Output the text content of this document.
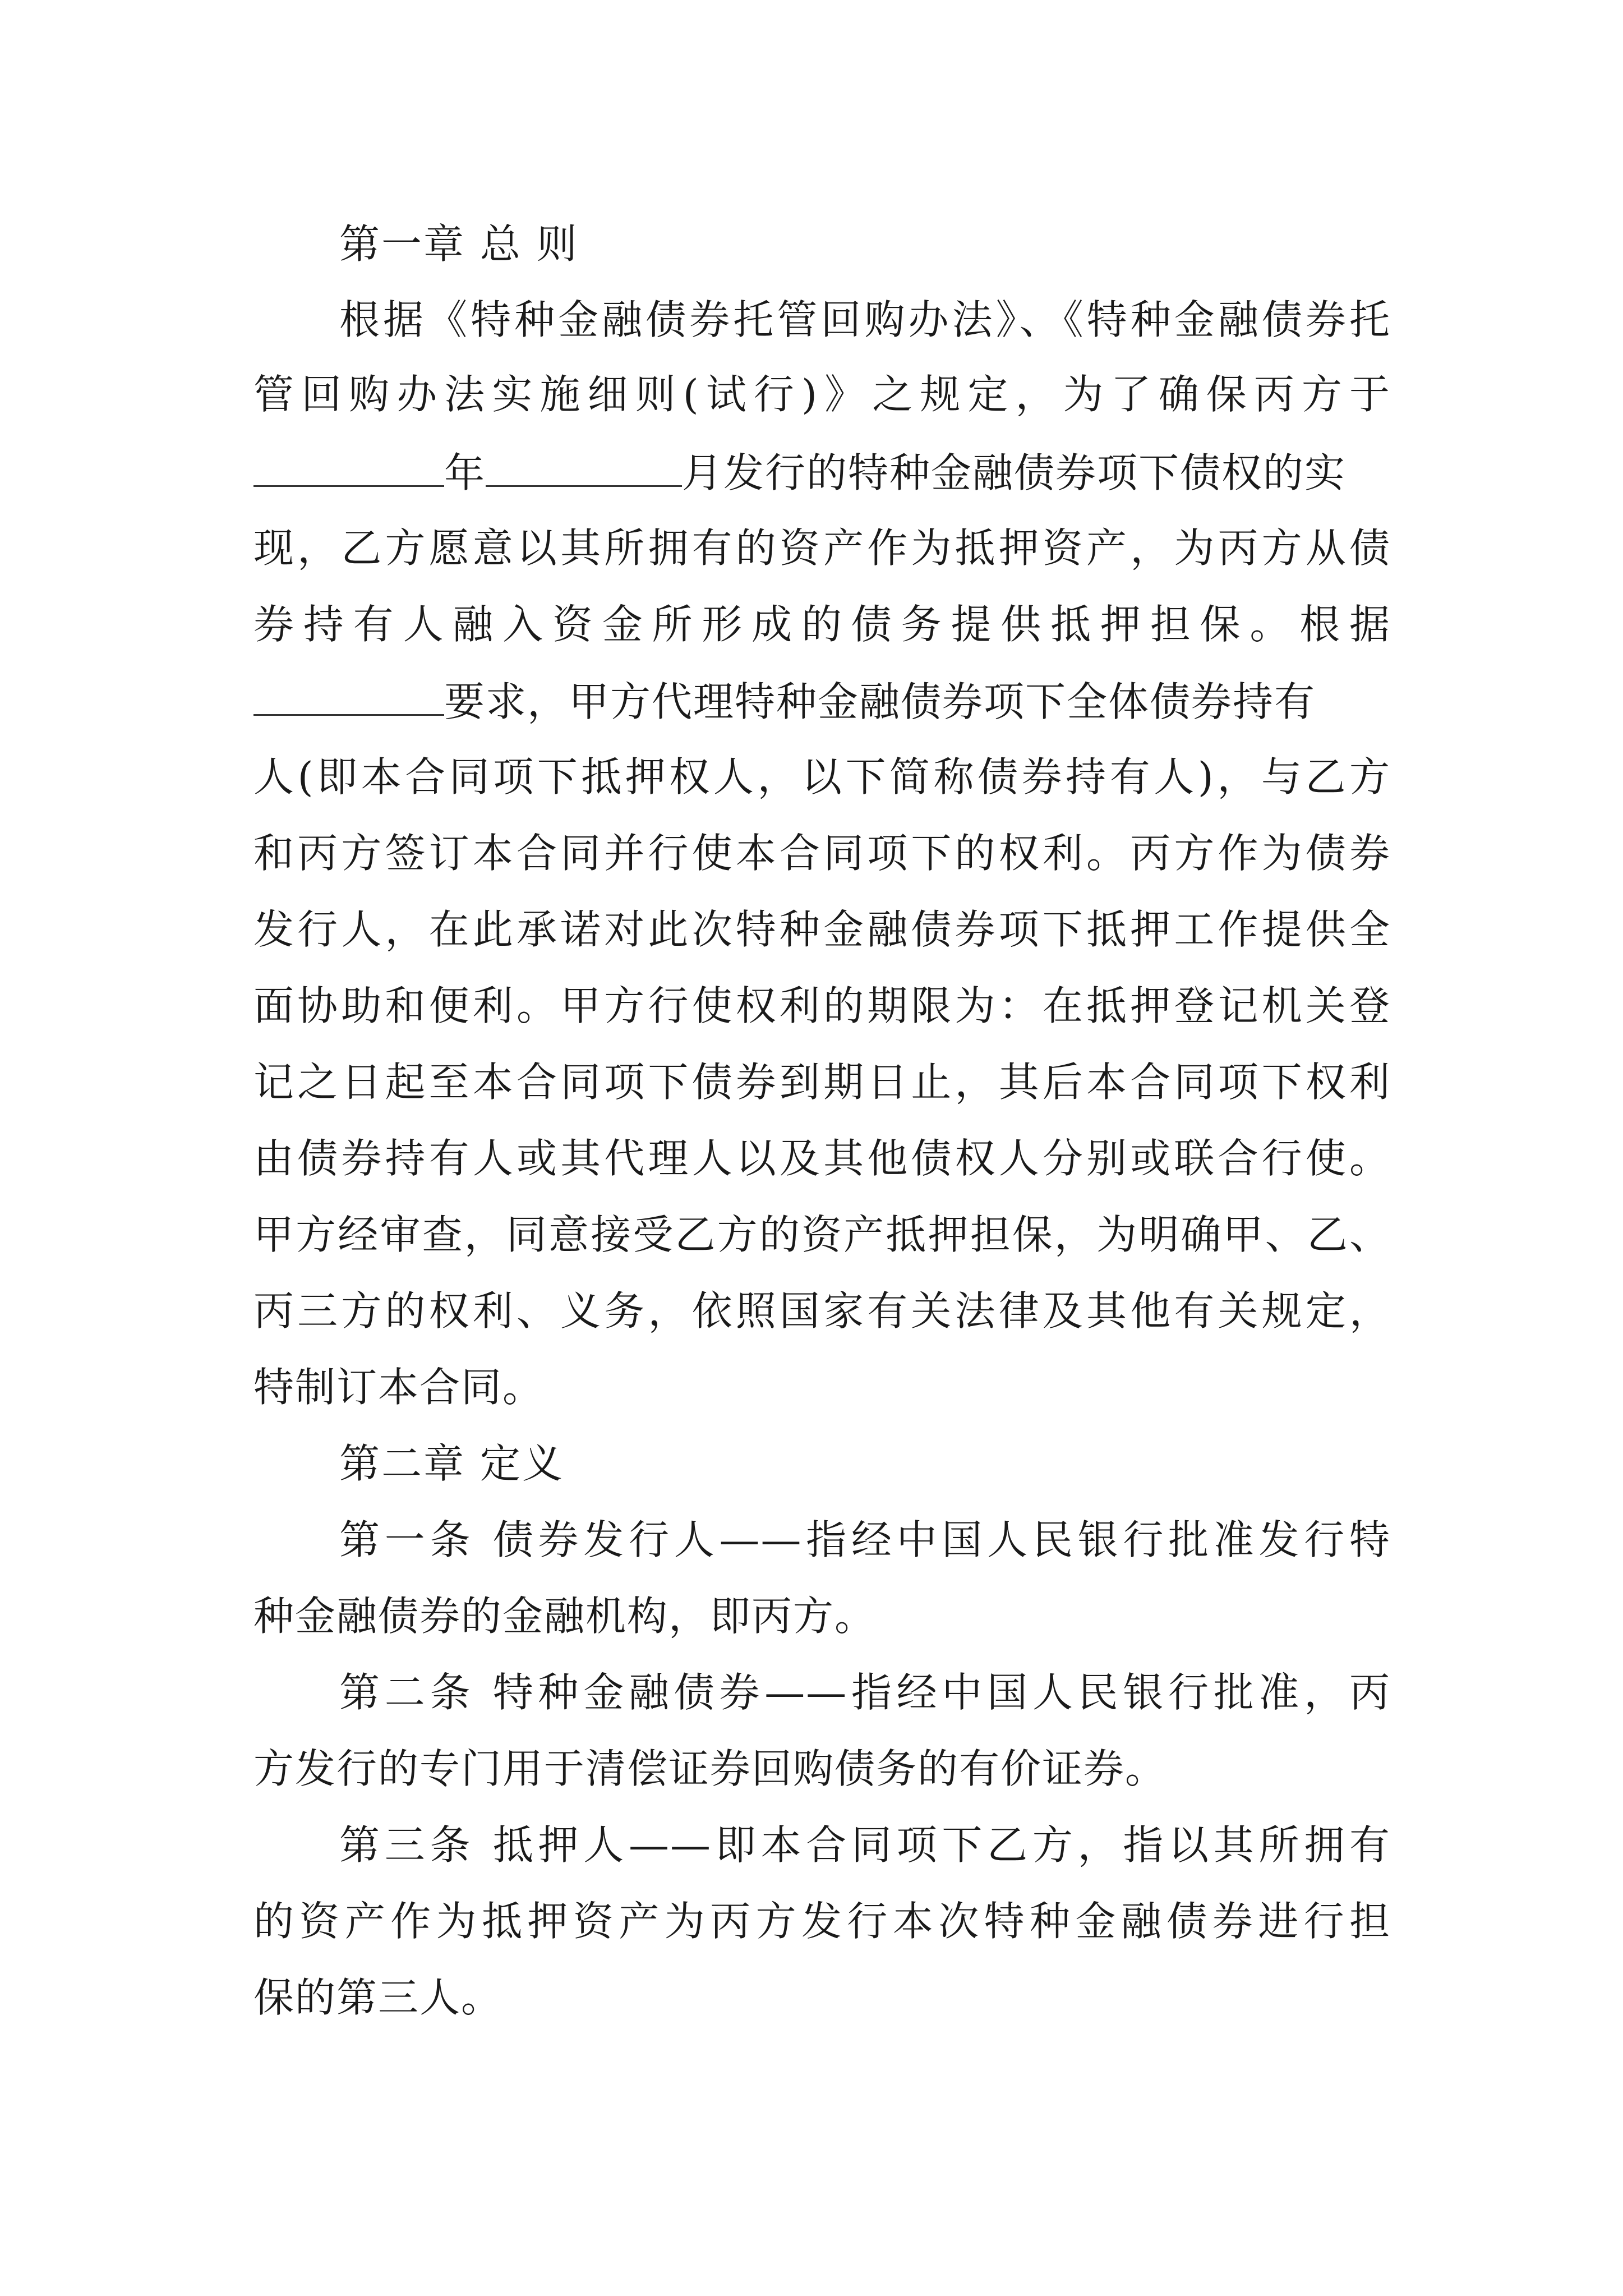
第一章 总 则
根据《特种金融债券托管回购办法》、《特种金融债券托
管回购办法实施细则(试行)》之规定，为了确保丙方于
年	月发行的特种金融债券项下债权的实
现，乙方愿意以其所拥有的资产作为抵押资产，为丙方从债
券持有人融入资金所形成的债务提供抵押担保。根据
要求，甲方代理特种金融债券项下全体债券持有
人(即本合同项下抵押权人，以下简称债券持有人)，与乙方
和丙方签订本合同并行使本合同项下的权利。丙方作为债券
发行人，在此承诺对此次特种金融债券项下抵押工作提供全
面协助和便利。甲方行使权利的期限为：在抵押登记机关登
记之日起至本合同项下债券到期日止，其后本合同项下权利
由债券持有人或其代理人以及其他债权人分别或联合行使。
甲方经审查，同意接受乙方的资产抵押担保，为明确甲、乙、
丙三方的权利、义务，依照国家有关法律及其他有关规定，
特制订本合同。
第二章 定义
第一条 债券发行人——指经中国人民银行批准发行特
种金融债券的金融机构，即丙方。
第二条 特种金融债券——指经中国人民银行批准，丙
方发行的专门用于清偿证券回购债务的有价证券。
第三条 抵押人——即本合同项下乙方，指以其所拥有
的资产作为抵押资产为丙方发行本次特种金融债券进行担
保的第三人。
